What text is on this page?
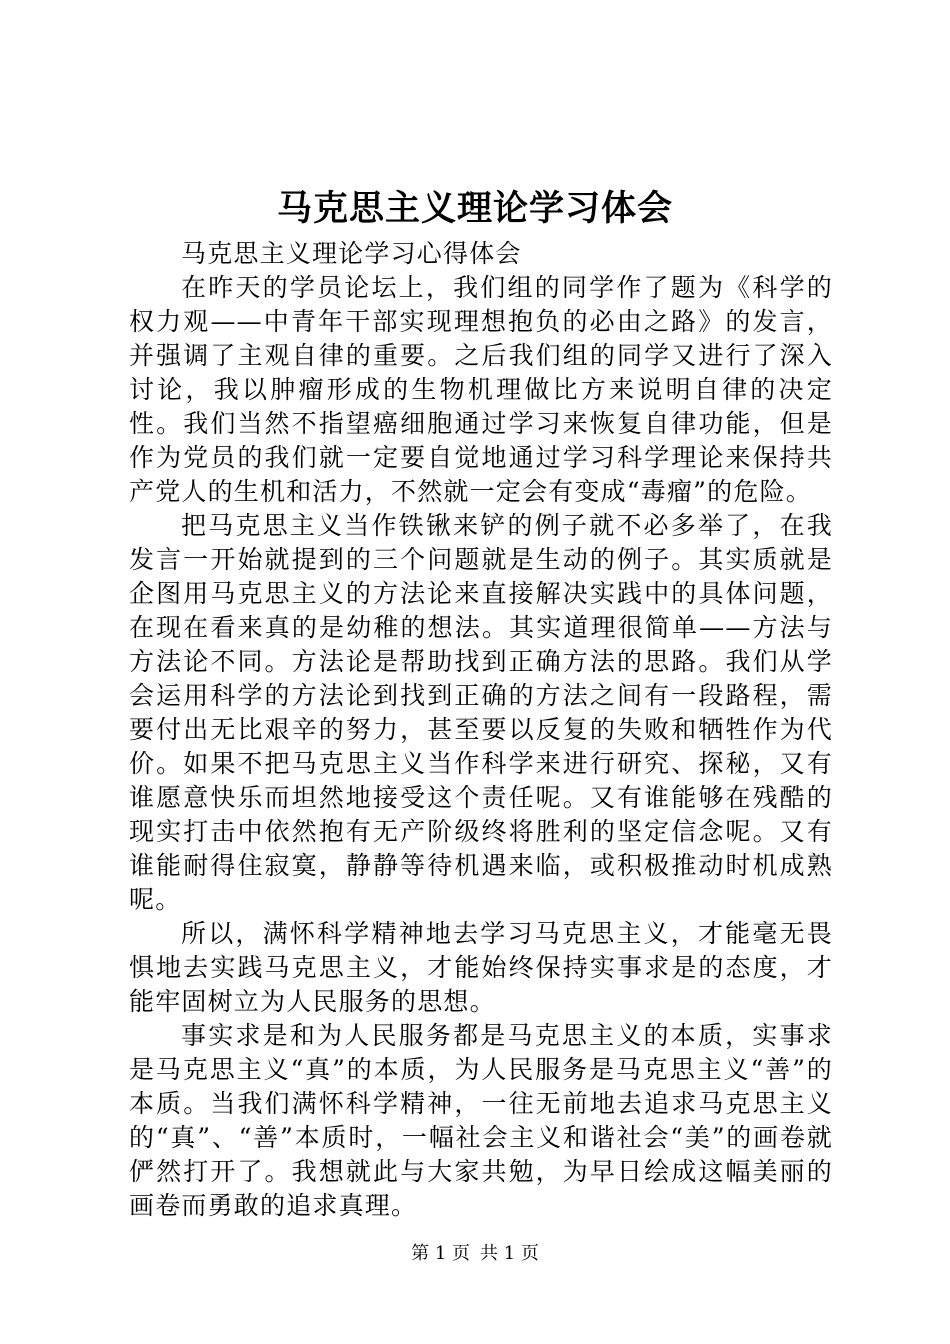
马克思主义理论学习体会

马克思主义理论学习心得体会

在昨天的学员论坛上，我们组的同学作了题为《科学的权力观——中青年干部实现理想抱负的必由之路》的发言，并强调了主观自律的重要。之后我们组的同学又进行了深入讨论，我以肿瘤形成的生物机理做比方来说明自律的决定性。我们当然不指望癌细胞通过学习来恢复自律功能，但是作为党员的我们就一定要自觉地通过学习科学理论来保持共产党人的生机和活力，不然就一定会有变成“毒瘤”的危险。

把马克思主义当作铁锹来铲的例子就不必多举了，在我发言一开始就提到的三个问题就是生动的例子。其实质就是企图用马克思主义的方法论来直接解决实践中的具体问题，在现在看来真的是幼稚的想法。其实道理很简单——方法与方法论不同。方法论是帮助找到正确方法的思路。我们从学会运用科学的方法论到找到正确的方法之间有一段路程，需要付出无比艰辛的努力，甚至要以反复的失败和牺牲作为代价。如果不把马克思主义当作科学来进行研究、探秘，又有谁愿意快乐而坦然地接受这个责任呢。又有谁能够在残酷的现实打击中依然抱有无产阶级终将胜利的坚定信念呢。又有谁能耐得住寂寞，静静等待机遇来临，或积极推动时机成熟呢。

所以，满怀科学精神地去学习马克思主义，才能毫无畏惧地去实践马克思主义，才能始终保持实事求是的态度，才能牢固树立为人民服务的思想。

事实求是和为人民服务都是马克思主义的本质，实事求是马克思主义“真”的本质，为人民服务是马克思主义“善”的本质。当我们满怀科学精神，一往无前地去追求马克思主义的“真”、“善”本质时，一幅社会主义和谐社会“美”的画卷就俨然打开了。我想就此与大家共勉，为早日绘成这幅美丽的画卷而勇敢的追求真理。

第 1 页 共 1 页
